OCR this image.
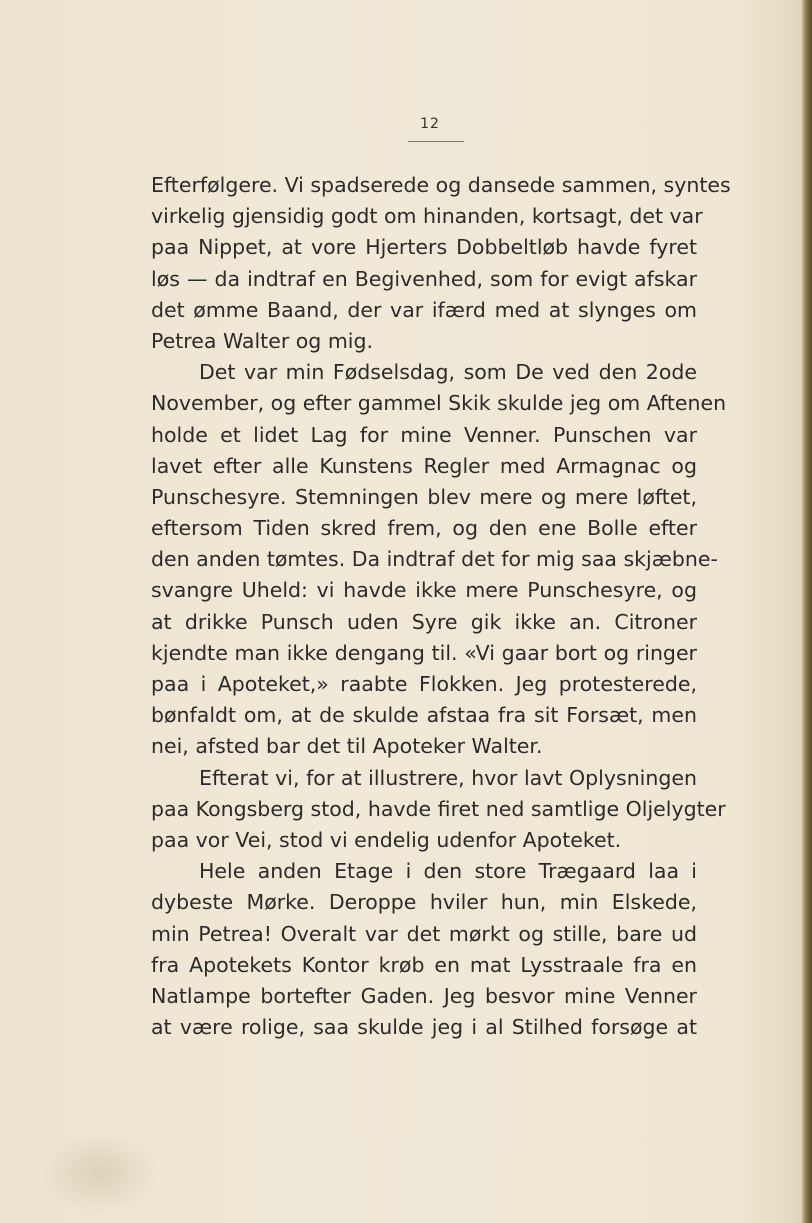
12
Efterfølgere. Vi spadserede og dansede sammen, syntes
virkelig gjensidig godt om hinanden, kortsagt, det var
paa Nippet, at vore Hjerters Dobbeltløb havde fyret
løs — da indtraf en Begivenhed, som for evigt afskar
det ømme Baand, der var ifærd med at slynges om
Petrea Walter og mig.
Det var min Fødselsdag, som De ved den 2ode
November, og efter gammel Skik skulde jeg om Aftenen
holde et lidet Lag for mine Venner. Punschen var
lavet efter alle Kunstens Regler med Armagnac og
Punschesyre. Stemningen blev mere og mere løftet,
eftersom Tiden skred frem, og den ene Bolle efter
den anden tømtes. Da indtraf det for mig saa skjæbne-
svangre Uheld: vi havde ikke mere Punschesyre, og
at drikke Punsch uden Syre gik ikke an. Citroner
kjendte man ikke dengang til. «Vi gaar bort og ringer
paa i Apoteket,» raabte Flokken. Jeg protesterede,
bønfaldt om, at de skulde afstaa fra sit Forsæt, men
nei, afsted bar det til Apoteker Walter.
Efterat vi, for at illustrere, hvor lavt Oplysningen
paa Kongsberg stod, havde firet ned samtlige Oljelygter
paa vor Vei, stod vi endelig udenfor Apoteket.
Hele anden Etage i den store Trægaard laa i
dybeste Mørke. Deroppe hviler hun, min Elskede,
min Petrea! Overalt var det mørkt og stille, bare ud
fra Apotekets Kontor krøb en mat Lysstraale fra en
Natlampe bortefter Gaden. Jeg besvor mine Venner
at være rolige, saa skulde jeg i al Stilhed forsøge at
